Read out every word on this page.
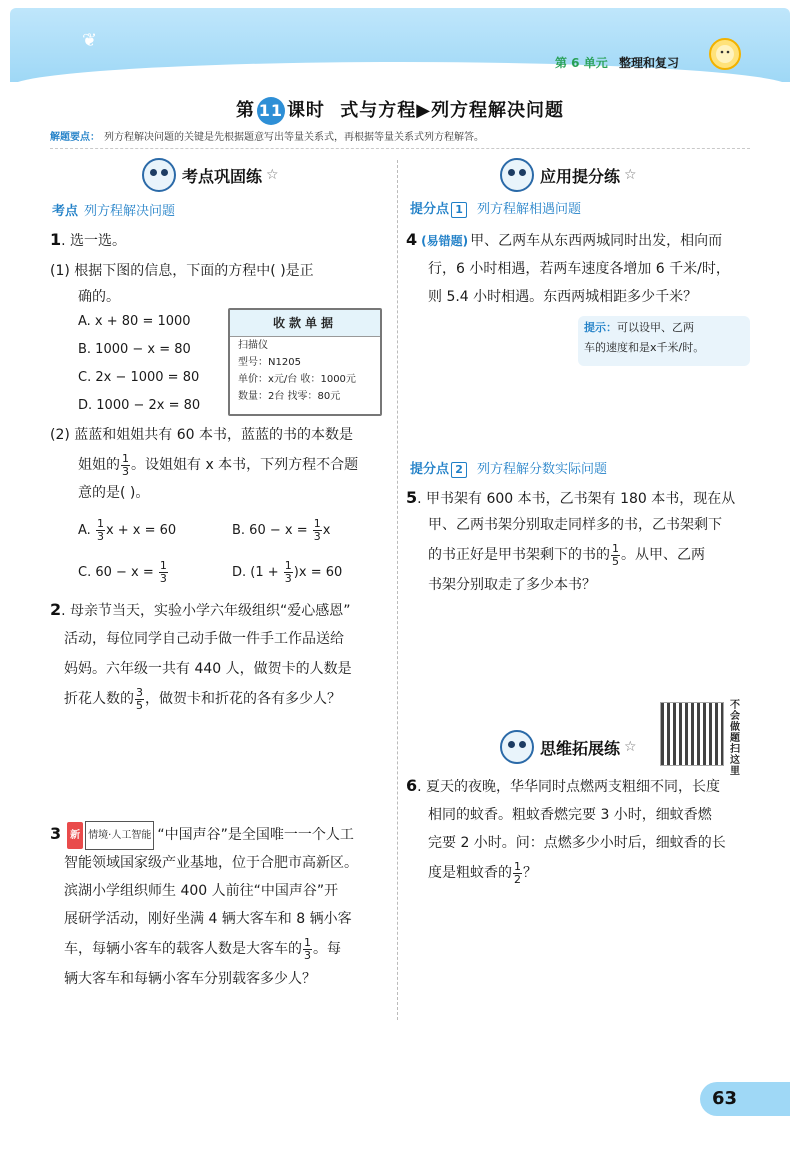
❦
第 6 单元 整理和复习
第 11 课时 式与方程▶列方程解决问题
解题要点： 列方程解决问题的关键是先根据题意写出等量关系式，再根据等量关系式列方程解答。
考点巩固练 ☆
考点 列方程解决问题
1. 选一选。
(1) 根据下图的信息，下面的方程中( )是正
确的。
A. x + 80 = 1000
B. 1000 − x = 80
C. 2x − 1000 = 80
D. 1000 − 2x = 80
收款单据
扫描仪
型号：N1205
单价：x元/台 收：1000元
数量：2台 找零：80元
(2) 蓝蓝和姐姐共有 60 本书，蓝蓝的书的本数是
姐姐的 $\frac{1}{3}$ 。设姐姐有 x 本书，下列方程不合题
意的是( )。
A. $\frac{1}{3}$ x + x = 60	B. $60 - x = \frac{1}{3}$ x
C. $60 - x = \frac{1}{3}$	D. $(1 + \frac{1}{3} )x = 60$
2. 母亲节当天，实验小学六年级组织“爱心感恩”
活动，每位同学自己动手做一件手工作品送给
妈妈。六年级一共有 440 人，做贺卡的人数是
折花人数的 $\frac{3}{5}$ ，做贺卡和折花的各有多少人？
3 新 情境·人工智能 “中国声谷”是全国唯一一个人工
智能领域国家级产业基地，位于合肥市高新区。
滨湖小学组织师生 400 人前往“中国声谷”开
展研学活动，刚好坐满 4 辆大客车和 8 辆小客
车，每辆小客车的载客人数是大客车的 $\frac{1}{3}$ 。每
辆大客车和每辆小客车分别载客多少人？
应用提分练 ☆
提分点 1 列方程解相遇问题
4 (易错题) 甲、乙两车从东西两城同时出发，相向而
行，6 小时相遇，若两车速度各增加 6 千米/时，
则 5.4 小时相遇。东西两城相距多少千米？
提示：可以设甲、乙两
车的速度和是x千米/时。
提分点 2 列方程解分数实际问题
5. 甲书架有 600 本书，乙书架有 180 本书，现在从
甲、乙两书架分别取走同样多的书，乙书架剩下
的书正好是甲书架剩下的书的 $\frac{1}{5}$ 。从甲、乙两
书架分别取走了多少本书？
不会做题扫这里
思维拓展练 ☆
6. 夏天的夜晚，华华同时点燃两支粗细不同，长度
相同的蚊香。粗蚊香燃完要 3 小时，细蚊香燃
完要 2 小时。问：点燃多少小时后，细蚊香的长
度是粗蚊香的 $\frac{1}{2}$ ？
63
